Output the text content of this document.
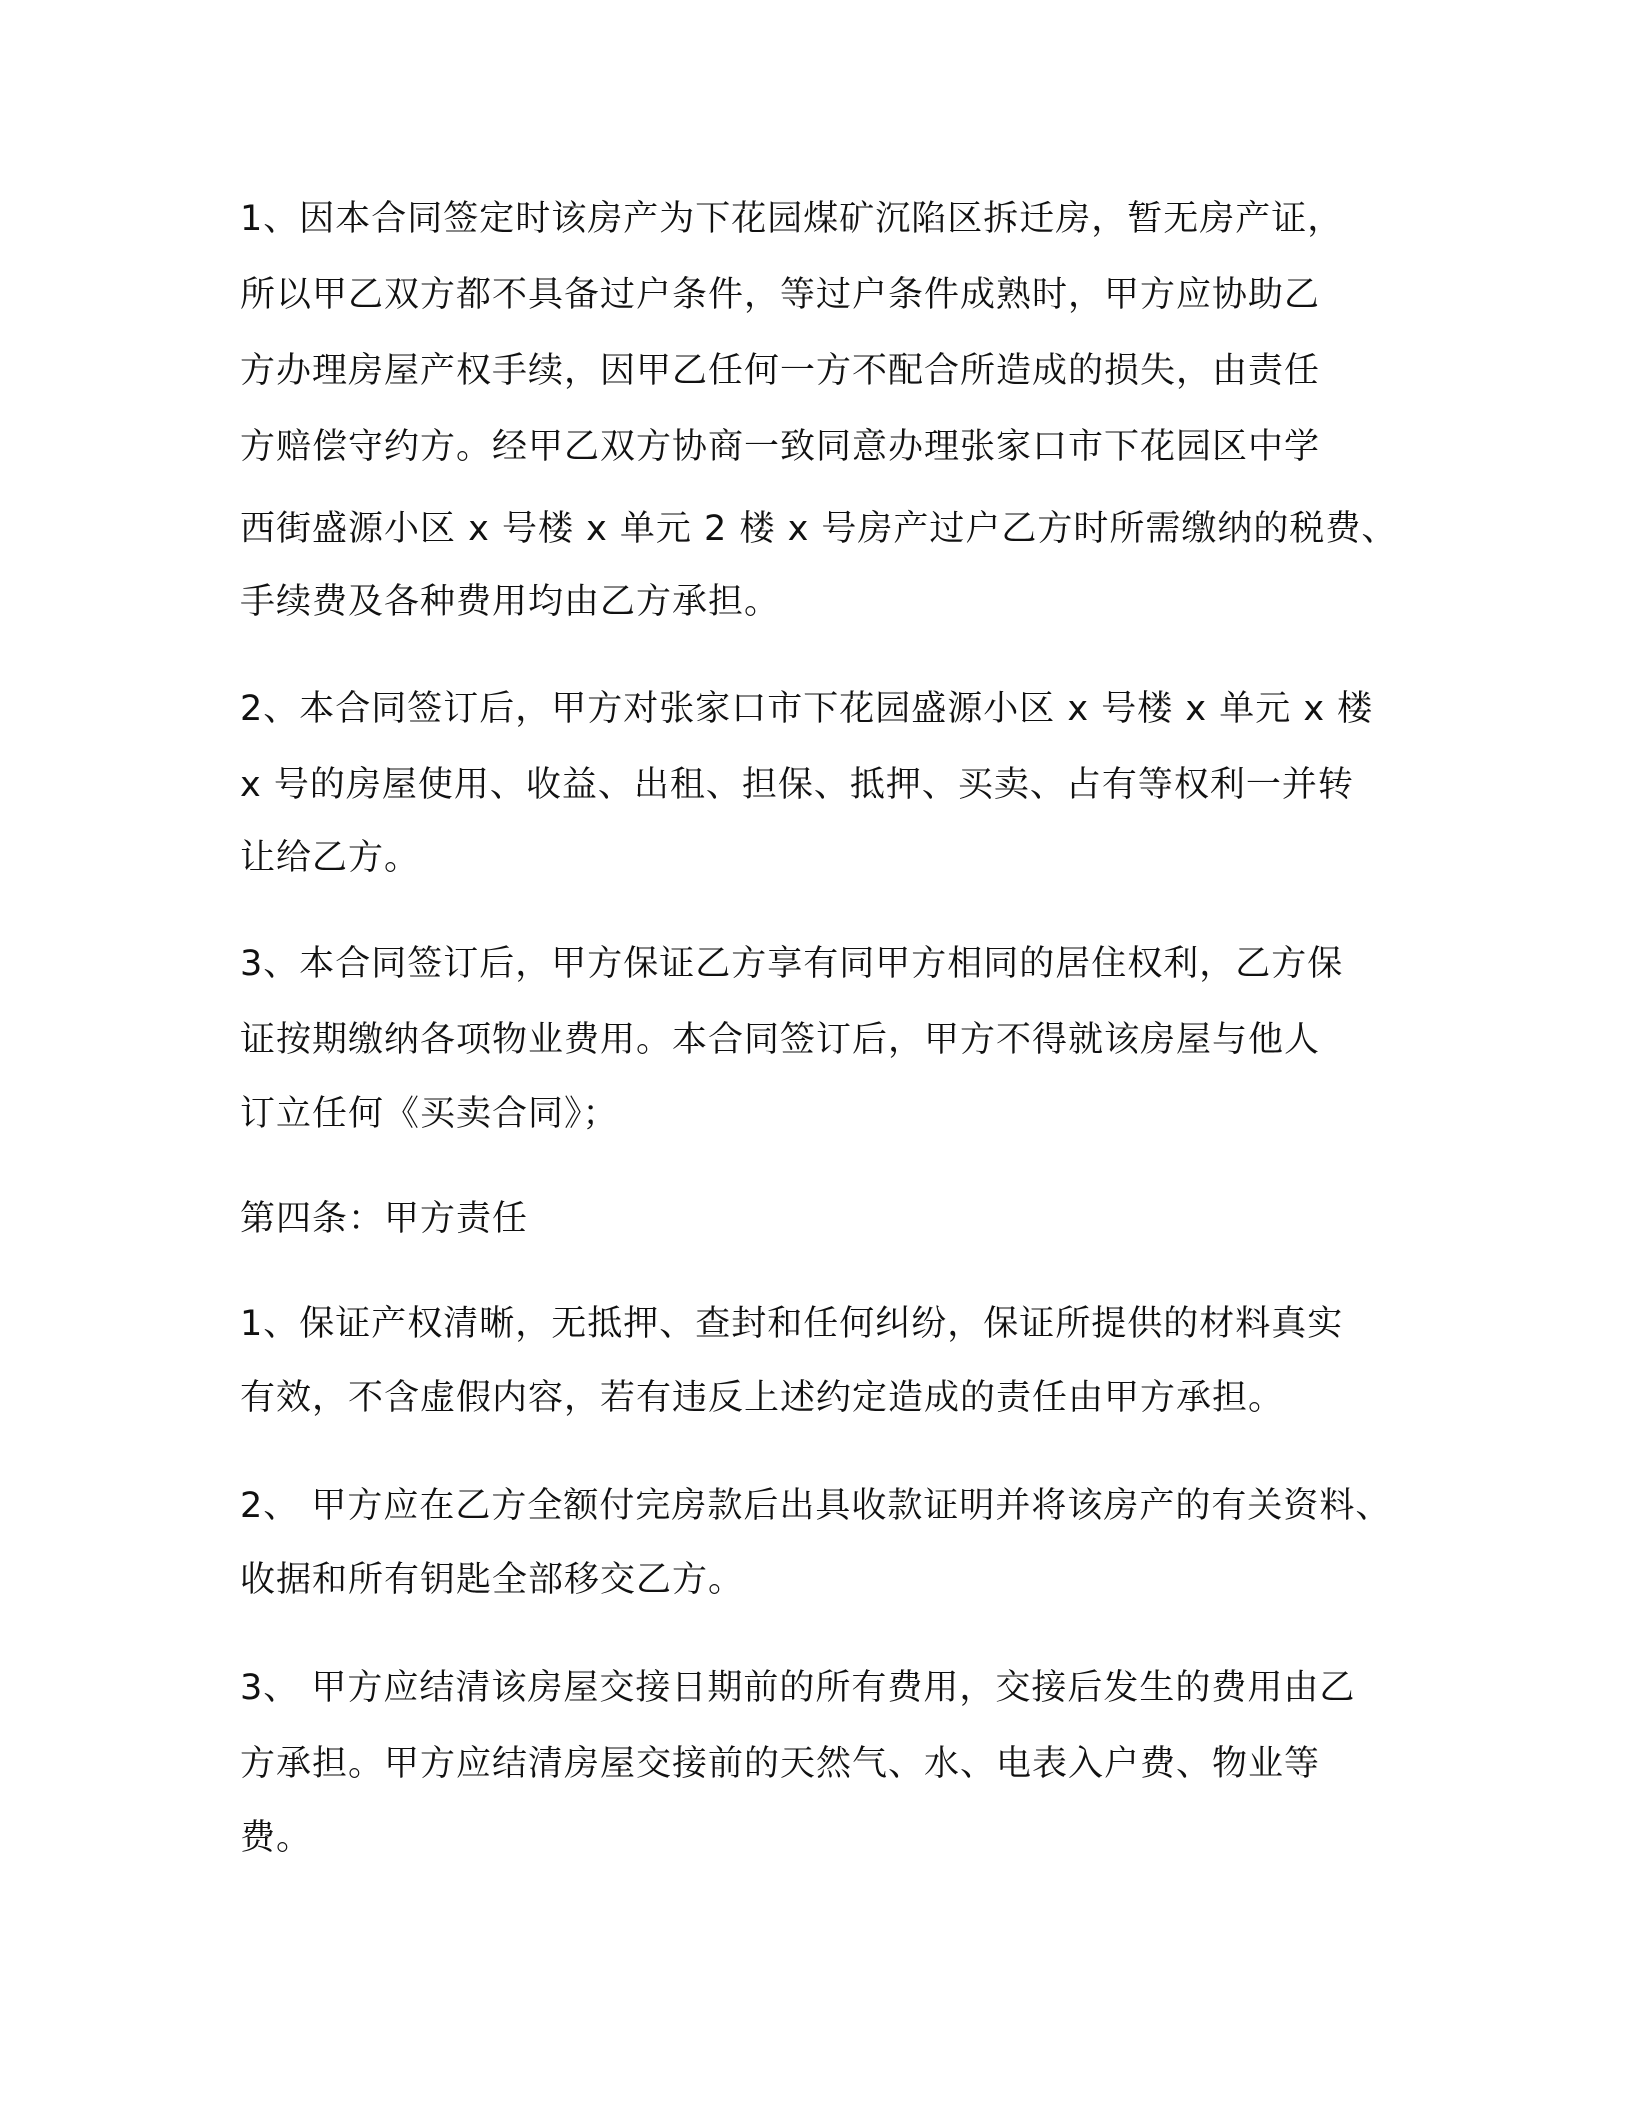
1、因本合同签定时该房产为下花园煤矿沉陷区拆迁房，暂无房产证，
所以甲乙双方都不具备过户条件，等过户条件成熟时，甲方应协助乙
方办理房屋产权手续，因甲乙任何一方不配合所造成的损失，由责任
方赔偿守约方。经甲乙双方协商一致同意办理张家口市下花园区中学
西街盛源小区 x 号楼 x 单元 2 楼 x 号房产过户乙方时所需缴纳的税费、
手续费及各种费用均由乙方承担。
2、本合同签订后，甲方对张家口市下花园盛源小区 x 号楼 x 单元 x 楼
x 号的房屋使用、收益、出租、担保、抵押、买卖、占有等权利一并转
让给乙方。
3、本合同签订后，甲方保证乙方享有同甲方相同的居住权利，乙方保
证按期缴纳各项物业费用。本合同签订后，甲方不得就该房屋与他人
订立任何《买卖合同》；
第四条：甲方责任
1、保证产权清晰，无抵押、查封和任何纠纷，保证所提供的材料真实
有效，不含虚假内容，若有违反上述约定造成的责任由甲方承担。
2、 甲方应在乙方全额付完房款后出具收款证明并将该房产的有关资料、
收据和所有钥匙全部移交乙方。
3、 甲方应结清该房屋交接日期前的所有费用，交接后发生的费用由乙
方承担。甲方应结清房屋交接前的天然气、水、电表入户费、物业等
费。
